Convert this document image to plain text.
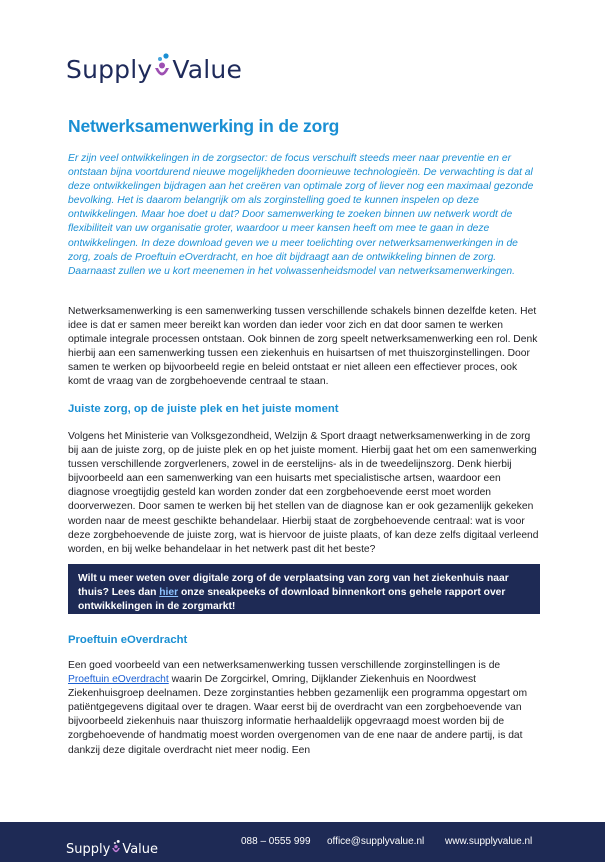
Supply Value
Netwerksamenwerking in de zorg

Er zijn veel ontwikkelingen in de zorgsector: de focus verschuift steeds meer naar preventie en er ontstaan bijna voortdurend nieuwe mogelijkheden doornieuwe technologieën. De verwachting is dat al deze ontwikkelingen bijdragen aan het creëren van optimale zorg of liever nog een maximaal gezonde bevolking. Het is daarom belangrijk om als zorginstelling goed te kunnen inspelen op deze ontwikkelingen. Maar hoe doet u dat? Door samenwerking te zoeken binnen uw netwerk wordt de flexibiliteit van uw organisatie groter, waardoor u meer kansen heeft om mee te gaan in deze ontwikkelingen. In deze download geven we u meer toelichting over netwerksamenwerkingen in de zorg, zoals de Proeftuin eOverdracht, en hoe dit bijdraagt aan de ontwikkeling binnen de zorg. Daarnaast zullen we u kort meenemen in het volwassenheidsmodel van netwerksamenwerkingen.

Netwerksamenwerking is een samenwerking tussen verschillende schakels binnen dezelfde keten. Het idee is dat er samen meer bereikt kan worden dan ieder voor zich en dat door samen te werken optimale integrale processen ontstaan. Ook binnen de zorg speelt netwerksamenwerking een rol. Denk hierbij aan een samenwerking tussen een ziekenhuis en huisartsen of met thuiszorginstellingen. Door samen te werken op bijvoorbeeld regie en beleid ontstaat er niet alleen een effectiever proces, ook komt de vraag van de zorgbehoevende centraal te staan.

Juiste zorg, op de juiste plek en het juiste moment

Volgens het Ministerie van Volksgezondheid, Welzijn & Sport draagt netwerksamenwerking in de zorg bij aan de juiste zorg, op de juiste plek en op het juiste moment. Hierbij gaat het om een samenwerking tussen verschillende zorgverleners, zowel in de eerstelijns- als in de tweedelijnszorg. Denk hierbij bijvoorbeeld aan een samenwerking van een huisarts met specialistische artsen, waardoor een diagnose vroegtijdig gesteld kan worden zonder dat een zorgbehoevende eerst moet worden doorverwezen. Door samen te werken bij het stellen van de diagnose kan er ook gezamenlijk gekeken worden naar de meest geschikte behandelaar. Hierbij staat de zorgbehoevende centraal: wat is voor deze zorgbehoevende de juiste zorg, wat is hiervoor de juiste plaats, of kan deze zelfs digitaal verleend worden, en bij welke behandelaar in het netwerk past dit het beste?

Wilt u meer weten over digitale zorg of de verplaatsing van zorg van het ziekenhuis naar thuis? Lees dan hier onze sneakpeeks of download binnenkort ons gehele rapport over ontwikkelingen in de zorgmarkt!
Proeftuin eOverdracht

Een goed voorbeeld van een netwerksamenwerking tussen verschillende zorginstellingen is de Proeftuin eOverdracht waarin De Zorgcirkel, Omring, Dijklander Ziekenhuis en Noordwest Ziekenhuisgroep deelnamen. Deze zorginstanties hebben gezamenlijk een programma opgestart om patiëntgegevens digitaal over te dragen. Waar eerst bij de overdracht van een zorgbehoevende van bijvoorbeeld ziekenhuis naar thuiszorg informatie herhaaldelijk opgevraagd moest worden bij de zorgbehoevende of handmatig moest worden overgenomen van de ene naar de andere partij, is dat dankzij deze digitale overdracht niet meer nodig. Een

Supply Value
088 – 0555 999 office@supplyvalue.nl www.supplyvalue.nl
